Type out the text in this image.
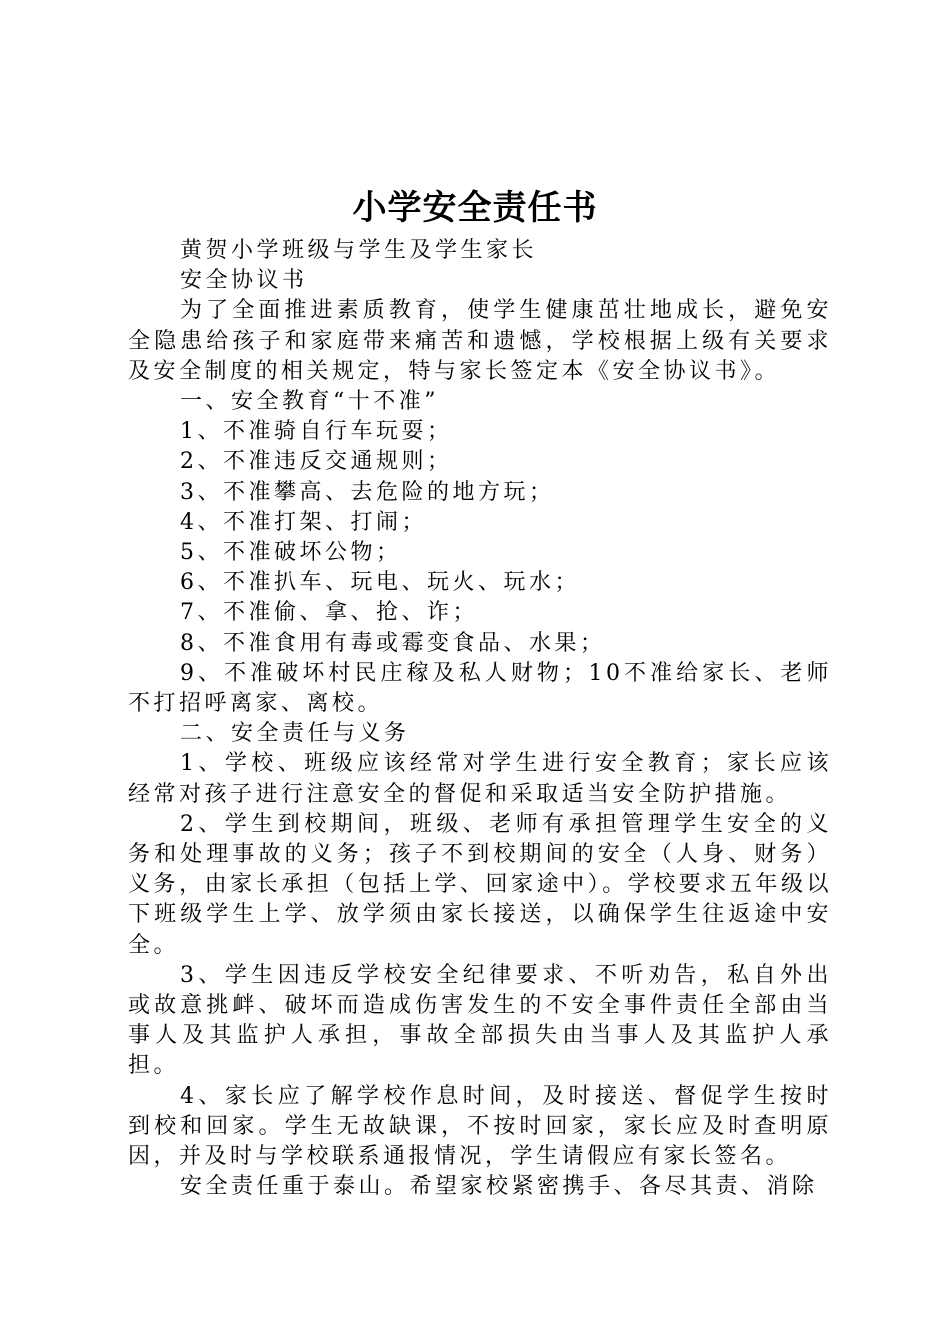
小学安全责任书

黄贺小学班级与学生及学生家长

安全协议书

为了全面推进素质教育，使学生健康茁壮地成长，避免安全隐患给孩子和家庭带来痛苦和遗憾，学校根据上级有关要求及安全制度的相关规定，特与家长签定本《安全协议书》。

一、安全教育“十不准”

1、不准骑自行车玩耍；

2、不准违反交通规则；

3、不准攀高、去危险的地方玩；

4、不准打架、打闹；

5、不准破坏公物；

6、不准扒车、玩电、玩火、玩水；

7、不准偷、拿、抢、诈；

8、不准食用有毒或霉变食品、水果；

9、不准破坏村民庄稼及私人财物；10不准给家长、老师不打招呼离家、离校。

二、安全责任与义务

1、学校、班级应该经常对学生进行安全教育；家长应该经常对孩子进行注意安全的督促和采取适当安全防护措施。

2、学生到校期间，班级、老师有承担管理学生安全的义务和处理事故的义务；孩子不到校期间的安全（人身、财务）义务，由家长承担（包括上学、回家途中）。学校要求五年级以下班级学生上学、放学须由家长接送，以确保学生往返途中安全。

3、学生因违反学校安全纪律要求、不听劝告，私自外出或故意挑衅、破坏而造成伤害发生的不安全事件责任全部由当事人及其监护人承担，事故全部损失由当事人及其监护人承担。

4、家长应了解学校作息时间，及时接送、督促学生按时到校和回家。学生无故缺课，不按时回家，家长应及时查明原因，并及时与学校联系通报情况，学生请假应有家长签名。

安全责任重于泰山。希望家校紧密携手、各尽其责、消除
